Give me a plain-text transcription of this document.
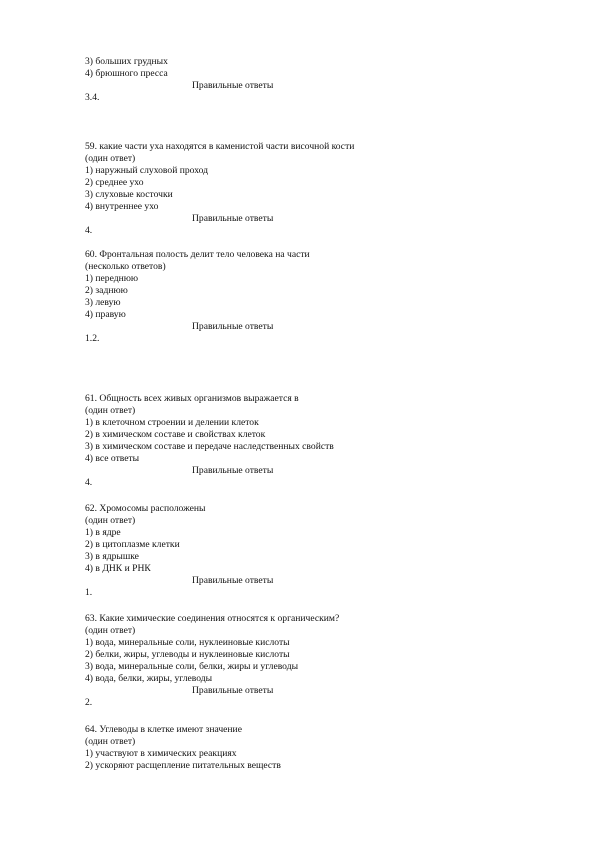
3) больших грудных
4) брюшного пресса
Правильные ответы
3.4.
59. какие части уха находятся в каменистой части височной кости
(один ответ)
1) наружный слуховой проход
2) среднее ухо
3) слуховые косточки
4) внутреннее ухо
Правильные ответы
4.
60. Фронтальная полость делит тело человека на части
(несколько ответов)
1) переднюю
2) заднюю
3) левую
4) правую
Правильные ответы
1.2.
61. Общность всех живых организмов выражается в
(один ответ)
1) в клеточном строении и делении клеток
2) в химическом составе и свойствах клеток
3) в химическом составе и передаче наследственных свойств
4) все ответы
Правильные ответы
4.
62. Хромосомы расположены
(один ответ)
1) в ядре
2) в цитоплазме клетки
3) в ядрышке
4) в ДНК и РНК
Правильные ответы
1.
63. Какие химические соединения относятся к органическим?
(один ответ)
1) вода, минеральные соли, нуклеиновые кислоты
2) белки, жиры, углеводы и нуклеиновые кислоты
3) вода, минеральные соли, белки, жиры и углеводы
4) вода, белки, жиры, углеводы
Правильные ответы
2.
64. Углеводы в клетке имеют значение
(один ответ)
1) участвуют в химических реакциях
2) ускоряют расщепление питательных веществ
